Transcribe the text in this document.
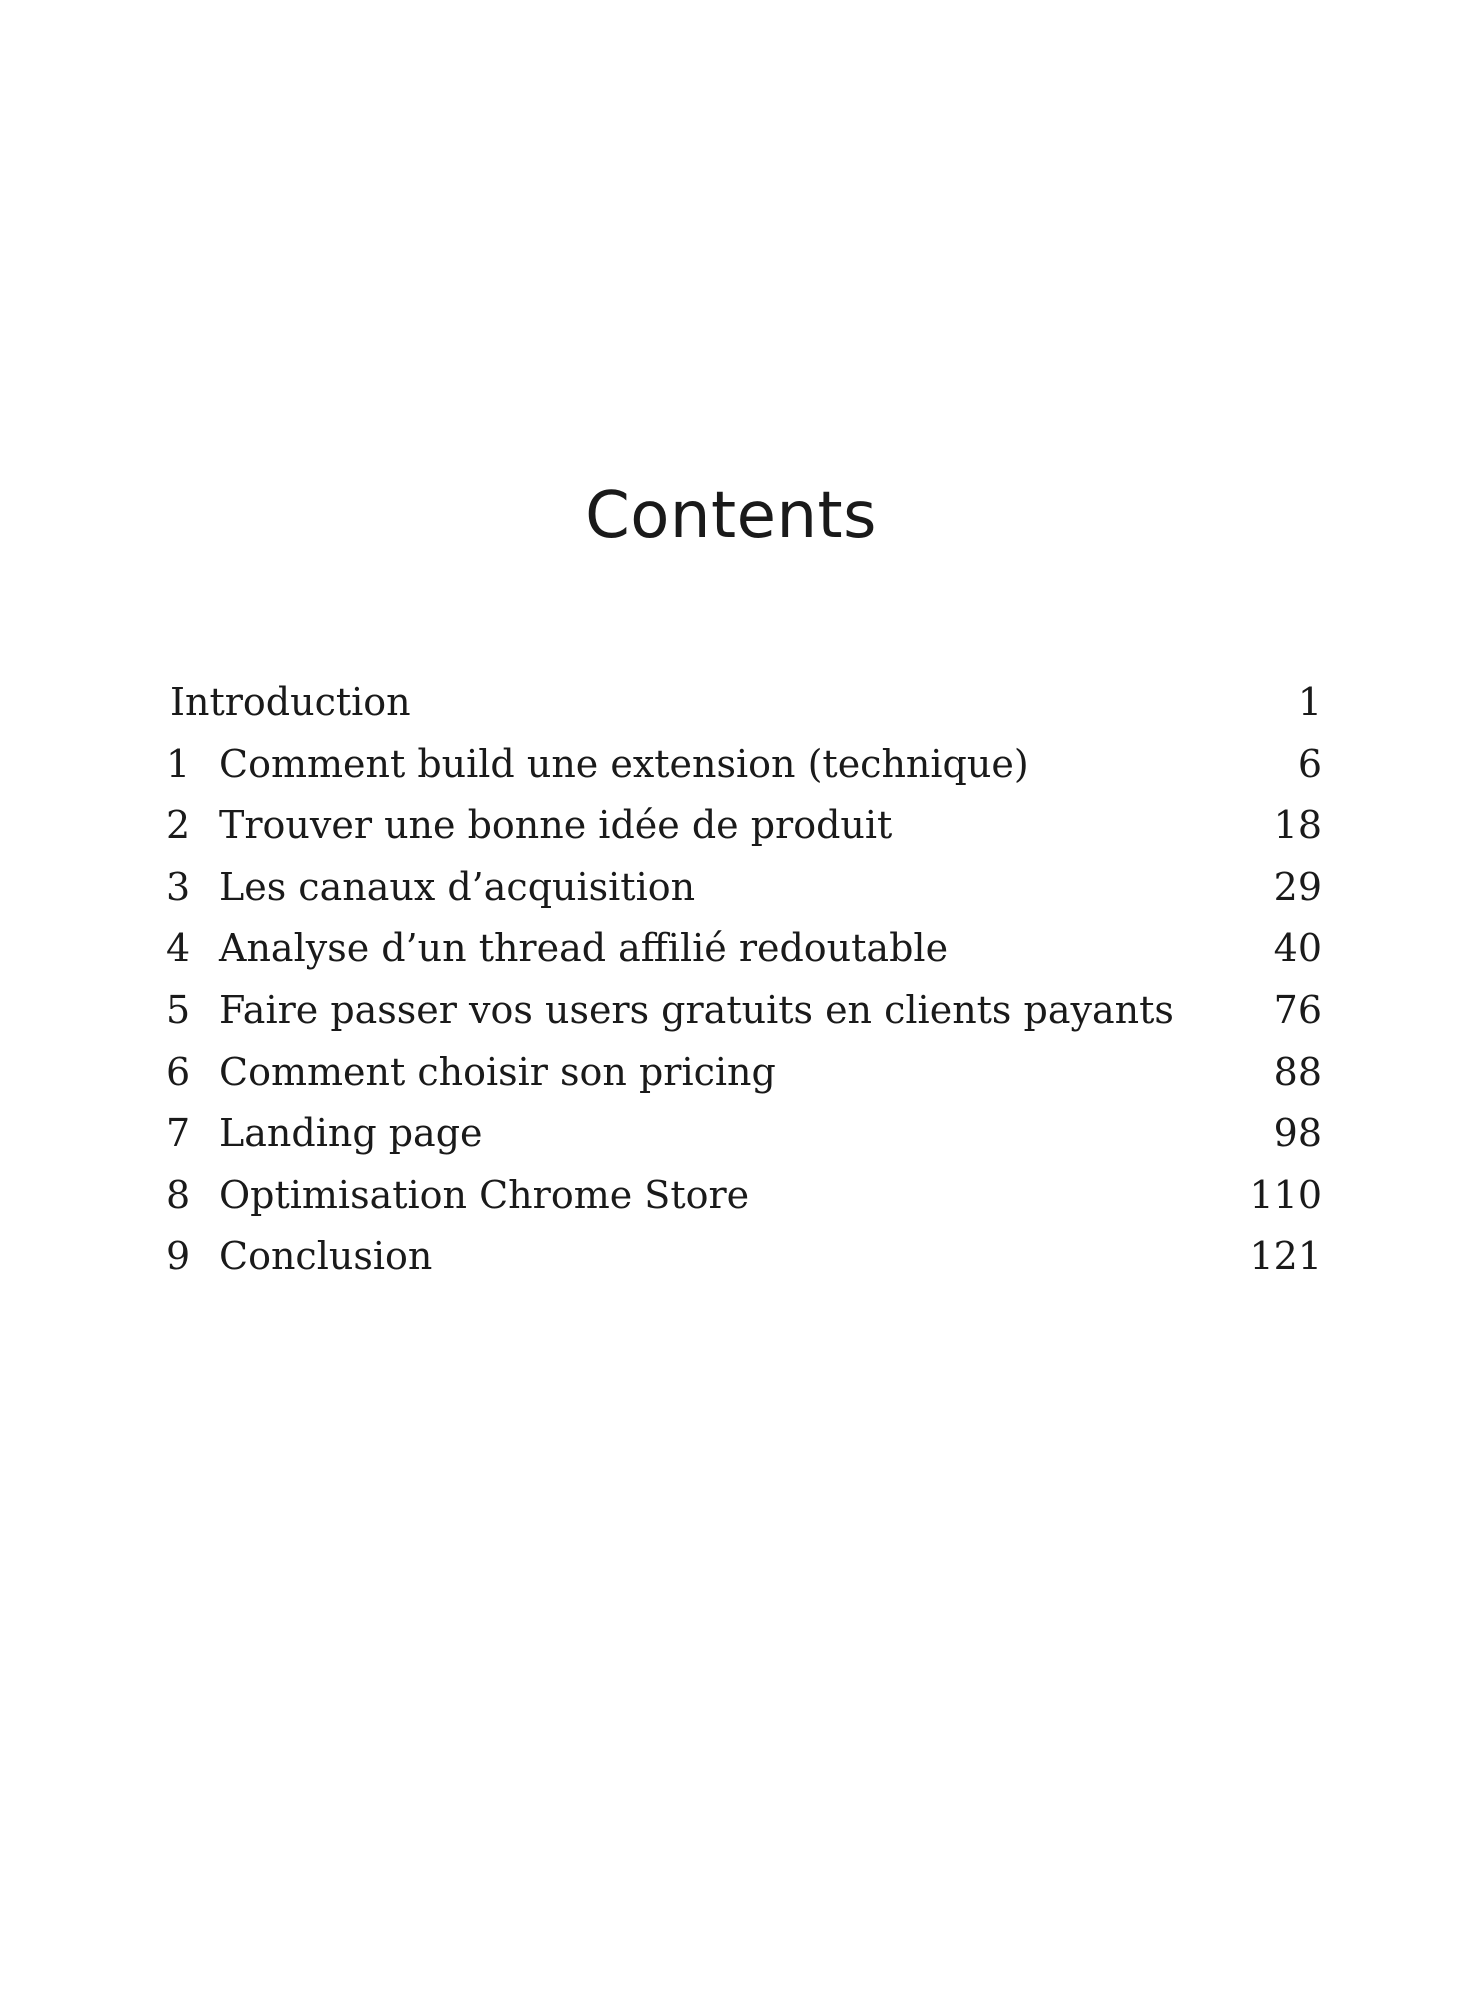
Contents
Introduction	1
1 Comment build une extension (technique)	6
2 Trouver une bonne idée de produit	18
3 Les canaux d’acquisition	29
4 Analyse d’un thread affilié redoutable	40
5 Faire passer vos users gratuits en clients payants	76
6 Comment choisir son pricing	88
7 Landing page	98
8 Optimisation Chrome Store	110
9 Conclusion	121
